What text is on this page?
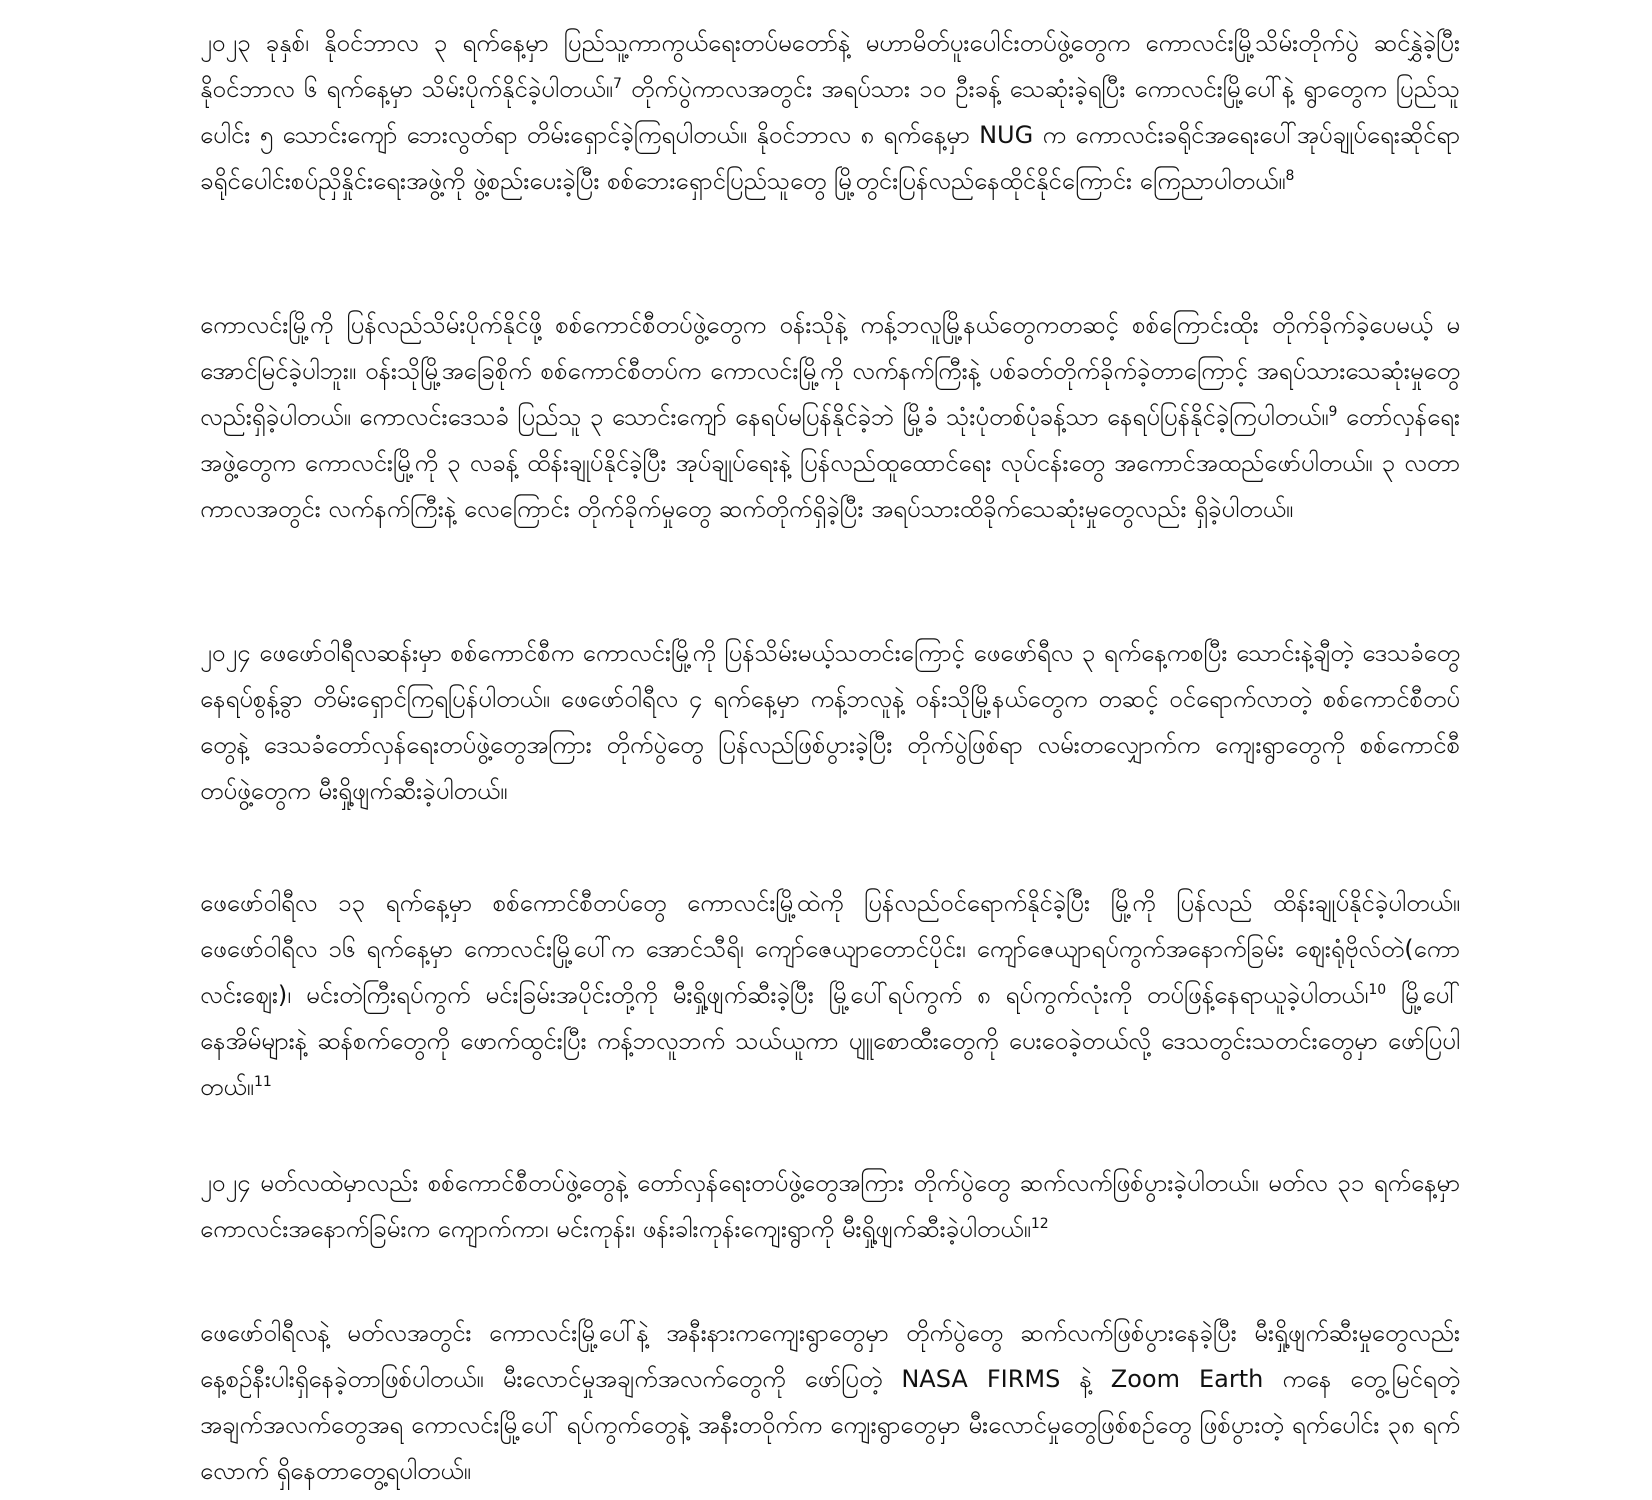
၂၀၂၃ ခုနှစ်၊ နိုဝင်ဘာလ ၃ ရက်နေ့မှာ ပြည်သူ့ကာကွယ်ရေးတပ်မတော်နဲ့ မဟာမိတ်ပူးပေါင်းတပ်ဖွဲ့တွေက ကောလင်းမြို့သိမ်းတိုက်ပွဲ ဆင်နွှဲခဲ့ပြီး နိုဝင်ဘာလ ၆ ရက်နေ့မှာ သိမ်းပိုက်နိုင်ခဲ့ပါတယ်။$^7$ တိုက်ပွဲကာလအတွင်း အရပ်သား ၁၀ ဦးခန့် သေဆုံးခဲ့ရပြီး ကောလင်းမြို့ပေါ်နဲ့ ရွာတွေက ပြည်သူပေါင်း ၅ သောင်းကျော် ဘေးလွတ်ရာ တိမ်းရှောင်ခဲ့ကြရပါတယ်။ နိုဝင်ဘာလ ၈ ရက်နေ့မှာ NUG က ကောလင်းခရိုင်အရေးပေါ်အုပ်ချုပ်ရေးဆိုင်ရာ ခရိုင်ပေါင်းစပ်ညှိနှိုင်းရေးအဖွဲ့ကို ဖွဲ့စည်းပေးခဲ့ပြီး စစ်ဘေးရှောင်ပြည်သူတွေ မြို့တွင်းပြန်လည်နေထိုင်နိုင်ကြောင်း ကြေညာပါတယ်။$^8$

ကောလင်းမြို့ကို ပြန်လည်သိမ်းပိုက်နိုင်ဖို့ စစ်ကောင်စီတပ်ဖွဲ့တွေက ဝန်းသိုနဲ့ ကန့်ဘလူမြို့နယ်တွေကတဆင့် စစ်ကြောင်းထိုး တိုက်ခိုက်ခဲ့ပေမယ့် မအောင်မြင်ခဲ့ပါဘူး။ ဝန်းသိုမြို့အခြေစိုက် စစ်ကောင်စီတပ်က ကောလင်းမြို့ကို လက်နက်ကြီးနဲ့ ပစ်ခတ်တိုက်ခိုက်ခဲ့တာကြောင့် အရပ်သားသေဆုံးမှုတွေလည်းရှိခဲ့ပါတယ်။ ကောလင်းဒေသခံ ပြည်သူ ၃ သောင်းကျော် နေရပ်မပြန်နိုင်ခဲ့ဘဲ မြို့ခံ သုံးပုံတစ်ပုံခန့်သာ နေရပ်ပြန်နိုင်ခဲ့ကြပါတယ်။$^9$ တော်လှန်ရေးအဖွဲ့တွေက ကောလင်းမြို့ကို ၃ လခန့် ထိန်းချုပ်နိုင်ခဲ့ပြီး အုပ်ချုပ်ရေးနဲ့ ပြန်လည်ထူထောင်ရေး လုပ်ငန်းတွေ အကောင်အထည်ဖော်ပါတယ်။ ၃ လတာကာလအတွင်း လက်နက်ကြီးနဲ့ လေကြောင်း တိုက်ခိုက်မှုတွေ ဆက်တိုက်ရှိခဲ့ပြီး အရပ်သားထိခိုက်သေဆုံးမှုတွေလည်း ရှိခဲ့ပါတယ်။

၂၀၂၄ ဖေဖော်ဝါရီလဆန်းမှာ စစ်ကောင်စီက ကောလင်းမြို့ကို ပြန်သိမ်းမယ့်သတင်းကြောင့် ဖေဖော်ရီလ ၃ ရက်နေ့ကစပြီး သောင်းနဲ့ချီတဲ့ ဒေသခံတွေ နေရပ်စွန့်ခွာ တိမ်းရှောင်ကြရပြန်ပါတယ်။ ဖေဖော်ဝါရီလ ၄ ရက်နေ့မှာ ကန့်ဘလူနဲ့ ဝန်းသိုမြို့နယ်တွေက တဆင့် ဝင်ရောက်လာတဲ့ စစ်ကောင်စီတပ်တွေနဲ့ ဒေသခံတော်လှန်ရေးတပ်ဖွဲ့တွေအကြား တိုက်ပွဲတွေ ပြန်လည်ဖြစ်ပွားခဲ့ပြီး တိုက်ပွဲဖြစ်ရာ လမ်းတလျှောက်က ကျေးရွာတွေကို စစ်ကောင်စီတပ်ဖွဲ့တွေက မီးရှို့ဖျက်ဆီးခဲ့ပါတယ်။

ဖေဖော်ဝါရီလ ၁၃ ရက်နေ့မှာ စစ်ကောင်စီတပ်တွေ ကောလင်းမြို့ထဲကို ပြန်လည်ဝင်ရောက်နိုင်ခဲ့ပြီး မြို့ကို ပြန်လည် ထိန်းချုပ်နိုင်ခဲ့ပါတယ်။ ဖေဖော်ဝါရီလ ၁၆ ရက်နေ့မှာ ကောလင်းမြို့ပေါ်က အောင်သီရိ၊ ကျော်ဇေယျာတောင်ပိုင်း၊ ကျော်ဇေယျာရပ်ကွက်အနောက်ခြမ်း ဈေးရုံဗိုလ်တဲ(ကောလင်းဈေး)၊ မင်းတဲကြီးရပ်ကွက် မင်းခြမ်းအပိုင်းတို့ကို မီးရှို့ဖျက်ဆီးခဲ့ပြီး မြို့ပေါ်ရပ်ကွက် ၈ ရပ်ကွက်လုံးကို တပ်ဖြန့်နေရာယူခဲ့ပါတယ်၊$^{10}$ မြို့ပေါ်နေအိမ်များနဲ့ ဆန်စက်တွေကို ဖောက်ထွင်းပြီး ကန့်ဘလူဘက် သယ်ယူကာ ပျူစောထီးတွေကို ပေးဝေခဲ့တယ်လို့ ဒေသတွင်းသတင်းတွေမှာ ဖော်ပြပါတယ်။$^{11}$

၂၀၂၄ မတ်လထဲမှာလည်း စစ်ကောင်စီတပ်ဖွဲ့တွေနဲ့ တော်လှန်ရေးတပ်ဖွဲ့တွေအကြား တိုက်ပွဲတွေ ဆက်လက်ဖြစ်ပွားခဲ့ပါတယ်။ မတ်လ ၃၁ ရက်နေ့မှာ ကောလင်းအနောက်ခြမ်းက ကျောက်ကာ၊ မင်းကုန်း၊ ဖန်းခါးကုန်းကျေးရွာကို မီးရှို့ဖျက်ဆီးခဲ့ပါတယ်။$^{12}$

ဖေဖော်ဝါရီလနဲ့ မတ်လအတွင်း ကောလင်းမြို့ပေါ်နဲ့ အနီးနားကကျေးရွာတွေမှာ တိုက်ပွဲတွေ ဆက်လက်ဖြစ်ပွားနေခဲ့ပြီး မီးရှို့ဖျက်ဆီးမှုတွေလည်း နေ့စဉ်နီးပါးရှိနေခဲ့တာဖြစ်ပါတယ်။ မီးလောင်မှုအချက်အလက်တွေကို ဖော်ပြတဲ့ NASA FIRMS နဲ့ Zoom Earth ကနေ တွေ့မြင်ရတဲ့အချက်အလက်တွေအရ ကောလင်းမြို့ပေါ် ရပ်ကွက်တွေနဲ့ အနီးတဝိုက်က ကျေးရွာတွေမှာ မီးလောင်မှုတွေဖြစ်စဉ်တွေ ဖြစ်ပွားတဲ့ ရက်ပေါင်း ၃၈ ရက်လောက် ရှိနေတာတွေ့ရပါတယ်။
